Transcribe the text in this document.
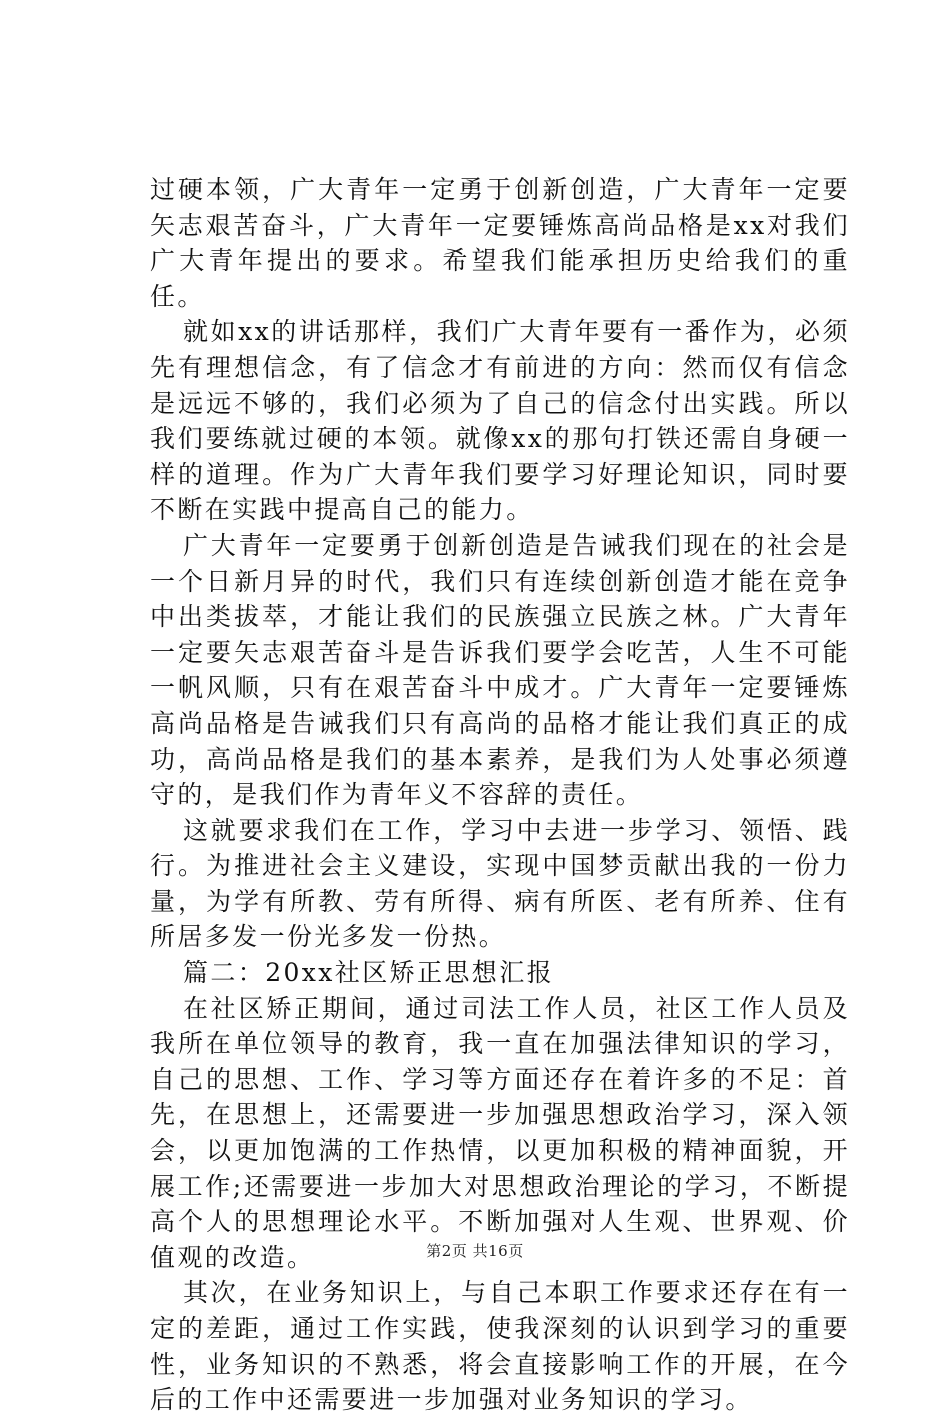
过硬本领，广大青年一定勇于创新创造，广大青年一定要矢志艰苦奋斗，广大青年一定要锤炼高尚品格是xx对我们广大青年提出的要求。希望我们能承担历史给我们的重任。

就如xx的讲话那样，我们广大青年要有一番作为，必须先有理想信念，有了信念才有前进的方向：然而仅有信念是远远不够的，我们必须为了自己的信念付出实践。所以我们要练就过硬的本领。就像xx的那句打铁还需自身硬一样的道理。作为广大青年我们要学习好理论知识，同时要不断在实践中提高自己的能力。

广大青年一定要勇于创新创造是告诫我们现在的社会是一个日新月异的时代，我们只有连续创新创造才能在竞争中出类拔萃，才能让我们的民族强立民族之林。广大青年一定要矢志艰苦奋斗是告诉我们要学会吃苦，人生不可能一帆风顺，只有在艰苦奋斗中成才。广大青年一定要锤炼高尚品格是告诫我们只有高尚的品格才能让我们真正的成功，高尚品格是我们的基本素养，是我们为人处事必须遵守的，是我们作为青年义不容辞的责任。

这就要求我们在工作，学习中去进一步学习、领悟、践行。为推进社会主义建设，实现中国梦贡献出我的一份力量，为学有所教、劳有所得、病有所医、老有所养、住有所居多发一份光多发一份热。

篇二：20xx社区矫正思想汇报

在社区矫正期间，通过司法工作人员，社区工作人员及我所在单位领导的教育，我一直在加强法律知识的学习，自己的思想、工作、学习等方面还存在着许多的不足：首先，在思想上，还需要进一步加强思想政治学习，深入领会，以更加饱满的工作热情，以更加积极的精神面貌，开展工作;还需要进一步加大对思想政治理论的学习，不断提高个人的思想理论水平。不断加强对人生观、世界观、价值观的改造。

其次，在业务知识上，与自己本职工作要求还存在有一定的差距，通过工作实践，使我深刻的认识到学习的重要性，业务知识的不熟悉，将会直接影响工作的开展，在今后的工作中还需要进一步加强对业务知识的学习。

第2页 共16页
